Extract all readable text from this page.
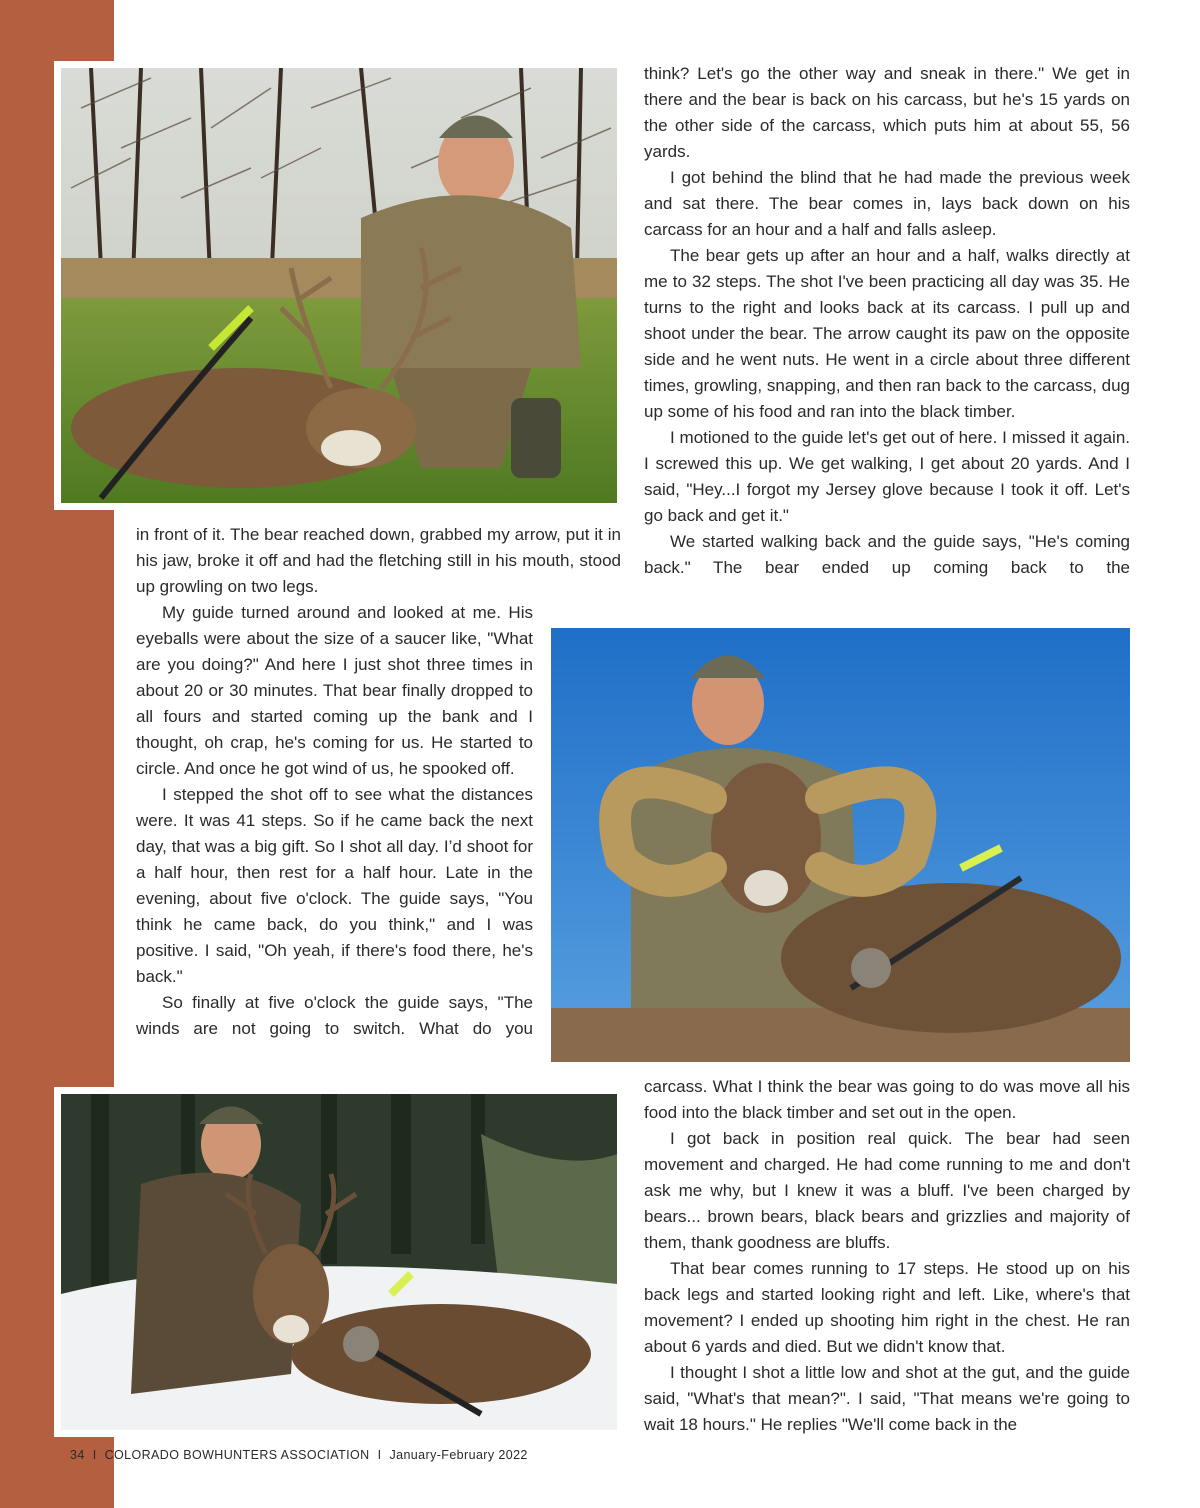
in front of it. The bear reached down, grabbed my arrow, put it in his jaw, broke it off and had the fletching still in his mouth, stood up growling on two legs.

My guide turned around and looked at me. His eyeballs were about the size of a saucer like, "What are you doing?" And here I just shot three times in about 20 or 30 minutes. That bear finally dropped to all fours and started coming up the bank and I thought, oh crap, he's coming for us. He started to circle. And once he got wind of us, he spooked off.

I stepped the shot off to see what the distances were. It was 41 steps. So if he came back the next day, that was a big gift. So I shot all day. I’d shoot for a half hour, then rest for a half hour. Late in the evening, about five o'clock. The guide says, "You think he came back, do you think," and I was positive. I said, "Oh yeah, if there's food there, he's back."

So finally at five o'clock the guide says, "The winds are not going to switch. What do you

think? Let's go the other way and sneak in there." We get in there and the bear is back on his carcass, but he's 15 yards on the other side of the carcass, which puts him at about 55, 56 yards.

I got behind the blind that he had made the previous week and sat there. The bear comes in, lays back down on his carcass for an hour and a half and falls asleep.

The bear gets up after an hour and a half, walks directly at me to 32 steps. The shot I've been practicing all day was 35. He turns to the right and looks back at its carcass. I pull up and shoot under the bear. The arrow caught its paw on the opposite side and he went nuts. He went in a circle about three different times, growling, snapping, and then ran back to the carcass, dug up some of his food and ran into the black timber.

I motioned to the guide let's get out of here. I missed it again. I screwed this up. We get walking, I get about 20 yards. And I said, "Hey...I forgot my Jersey glove because I took it off. Let's go back and get it."

We started walking back and the guide says, "He's coming back." The bear ended up coming back to the

carcass. What I think the bear was going to do was move all his food into the black timber and set out in the open.

I got back in position real quick. The bear had seen movement and charged. He had come running to me and don't ask me why, but I knew it was a bluff. I've been charged by bears... brown bears, black bears and grizzlies and majority of them, thank goodness are bluffs.

That bear comes running to 17 steps. He stood up on his back legs and started looking right and left. Like, where's that movement? I ended up shooting him right in the chest. He ran about 6 yards and died. But we didn't know that.

I thought I shot a little low and shot at the gut, and the guide said, "What's that mean?". I said, "That means we're going to wait 18 hours." He replies "We'll come back in the

34 I COLORADO BOWHUNTERS ASSOCIATION I January-February 2022
